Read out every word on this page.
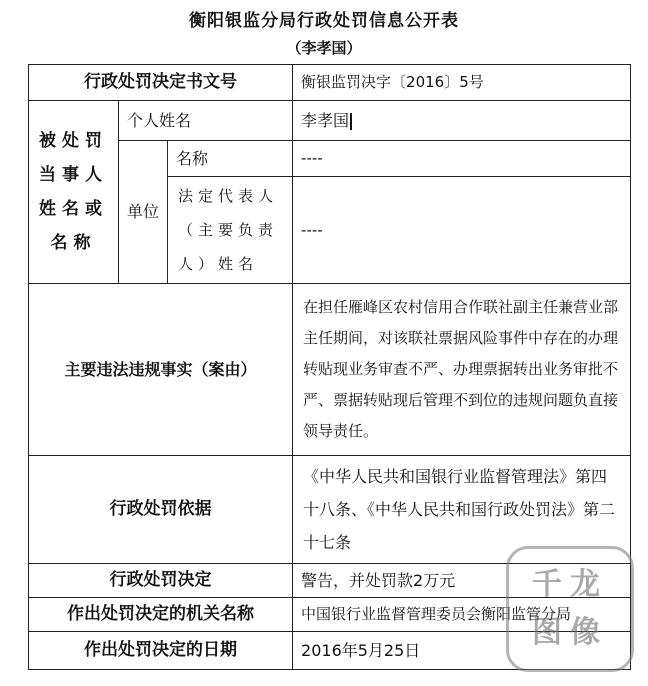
衡阳银监分局行政处罚信息公开表
（李孝国）
行政处罚决定书文号			衡银监罚决字〔2016〕5号
被处罚当事人姓名或名称	个人姓名		李孝国
	单位	名称	----
		法定代表人（主要负责人）姓名	----
主要违法违规事实（案由）			在担任雁峰区农村信用合作联社副主任兼营业部主任期间，对该联社票据风险事件中存在的办理转贴现业务审查不严、办理票据转出业务审批不严、票据转贴现后管理不到位的违规问题负直接领导责任。
行政处罚依据			《中华人民共和国银行业监督管理法》第四十八条、《中华人民共和国行政处罚法》第二十七条
行政处罚决定			警告，并处罚款2万元
作出处罚决定的机关名称			中国银行业监督管理委员会衡阳监管分局
作出处罚决定的日期			2016年5月25日
千龙
图像
